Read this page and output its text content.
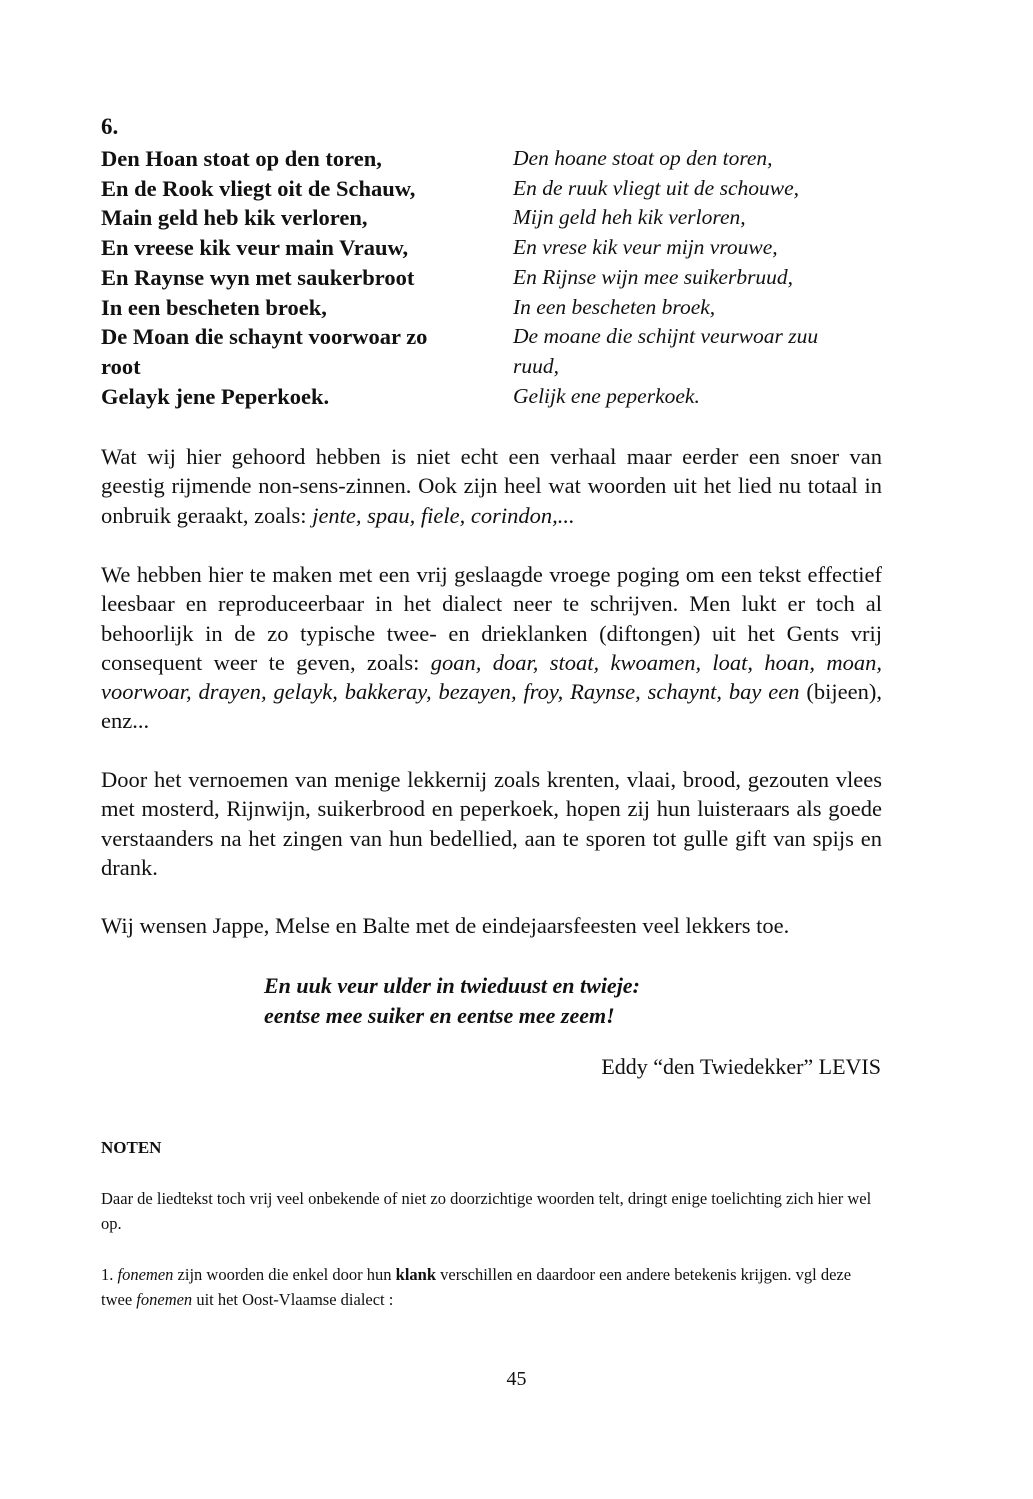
6.
Den Hoan stoat op den toren,
En de Rook vliegt oit de Schauw,
Main geld heb kik verloren,
En vreese kik veur main Vrauw,
En Raynse wyn met saukerbroot
In een bescheten broek,
De Moan die schaynt voorwoar zo
root
Gelayk jene Peperkoek.
Den hoane stoat op den toren,
En de ruuk vliegt uit de schouwe,
Mijn geld heh kik verloren,
En vrese kik veur mijn vrouwe,
En Rijnse wijn mee suikerbruud,
In een bescheten broek,
De moane die schijnt veurwoar zuu
ruud,
Gelijk ene peperkoek.
Wat wij hier gehoord hebben is niet echt een verhaal maar eerder een snoer van geestig rijmende non-sens-zinnen. Ook zijn heel wat woorden uit het lied nu totaal in onbruik geraakt, zoals: jente, spau, fiele, corindon,...
We hebben hier te maken met een vrij geslaagde vroege poging om een tekst effectief leesbaar en reproduceerbaar in het dialect neer te schrijven. Men lukt er toch al behoorlijk in de zo typische twee- en drieklanken (diftongen) uit het Gents vrij consequent weer te geven, zoals: goan, doar, stoat, kwoamen, loat, hoan, moan, voorwoar, drayen, gelayk, bakkeray, bezayen, froy, Raynse, schaynt, bay een (bijeen), enz...
Door het vernoemen van menige lekkernij zoals krenten, vlaai, brood, gezouten vlees met mosterd, Rijnwijn, suikerbrood en peperkoek, hopen zij hun luisteraars als goede verstaanders na het zingen van hun bedellied, aan te sporen tot gulle gift van spijs en drank.
Wij wensen Jappe, Melse en Balte met de eindejaarsfeesten veel lekkers toe.
En uuk veur ulder in twieduust en twieje:
eentse mee suiker en eentse mee zeem!
Eddy “den Twiedekker” LEVIS
NOTEN
Daar de liedtekst toch vrij veel onbekende of niet zo doorzichtige woorden telt, dringt enige toelichting zich hier wel op.
1. fonemen zijn woorden die enkel door hun klank verschillen en daardoor een andere betekenis krijgen. vgl deze twee fonemen uit het Oost-Vlaamse dialect :
45
